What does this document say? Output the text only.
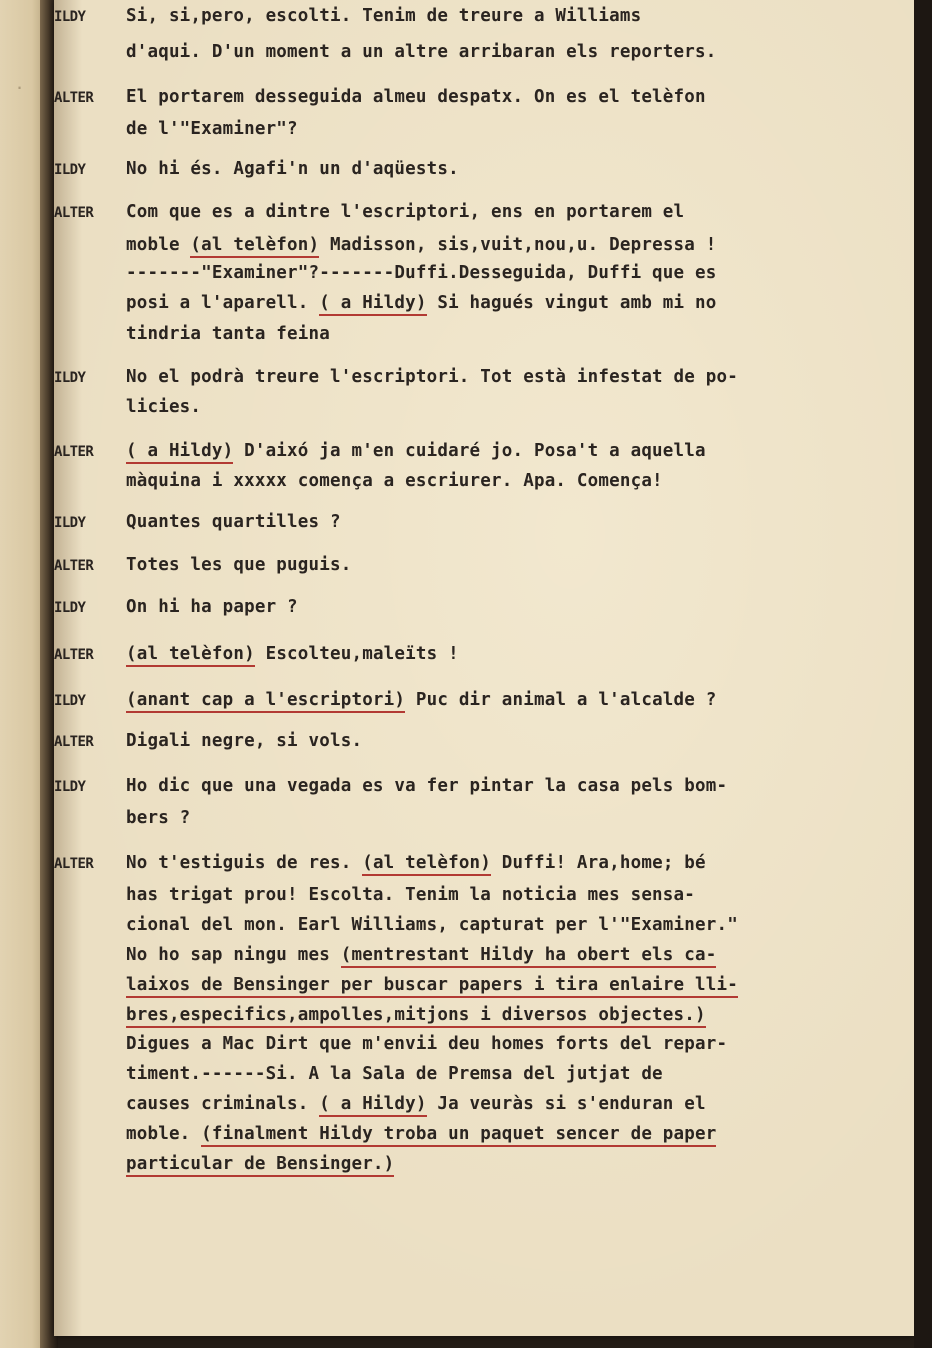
.
ILDY	Si, si,pero, escolti. Tenim de treure a Williams
d'aqui. D'un moment a un altre arribaran els reporters.
ALTER	El portarem desseguida almeu despatx. On es el telèfon
de l'"Examiner"?
ILDY	No hi és. Agafi'n un d'aqüests.
ALTER	Com que es a dintre l'escriptori, ens en portarem el
moble (al telèfon) Madisson, sis,vuit,nou,u. Depressa !
-------"Examiner"?-------Duffi.Desseguida, Duffi que es
posi a l'aparell. ( a Hildy) Si hagués vingut amb mi no
tindria tanta feina
ILDY	No el podrà treure l'escriptori. Tot està infestat de po-
licies.
ALTER	( a Hildy) D'aixó ja m'en cuidaré jo. Posa't a aquella
màquina i xxxxx comença a escriurer. Apa. Comença!
ILDY	Quantes quartilles ?
ALTER	Totes les que puguis.
ILDY	On hi ha paper ?
ALTER	(al telèfon) Escolteu,maleïts !
ILDY	(anant cap a l'escriptori) Puc dir animal a l'alcalde ?
ALTER	Digali negre, si vols.
ILDY	Ho dic que una vegada es va fer pintar la casa pels bom-
bers ?
ALTER	No t'estiguis de res. (al telèfon) Duffi! Ara,home; bé
has trigat prou! Escolta. Tenim la noticia mes sensa-
cional del mon. Earl Williams, capturat per l'"Examiner."
No ho sap ningu mes (mentrestant Hildy ha obert els ca-
laixos de Bensinger per buscar papers i tira enlaire lli-
bres,especifics,ampolles,mitjons i diversos objectes.)
Digues a Mac Dirt que m'envii deu homes forts del repar-
timent.------Si. A la Sala de Premsa del jutjat de
causes criminals. ( a Hildy) Ja veuràs si s'enduran el
moble. (finalment Hildy troba un paquet sencer de paper
particular de Bensinger.)
